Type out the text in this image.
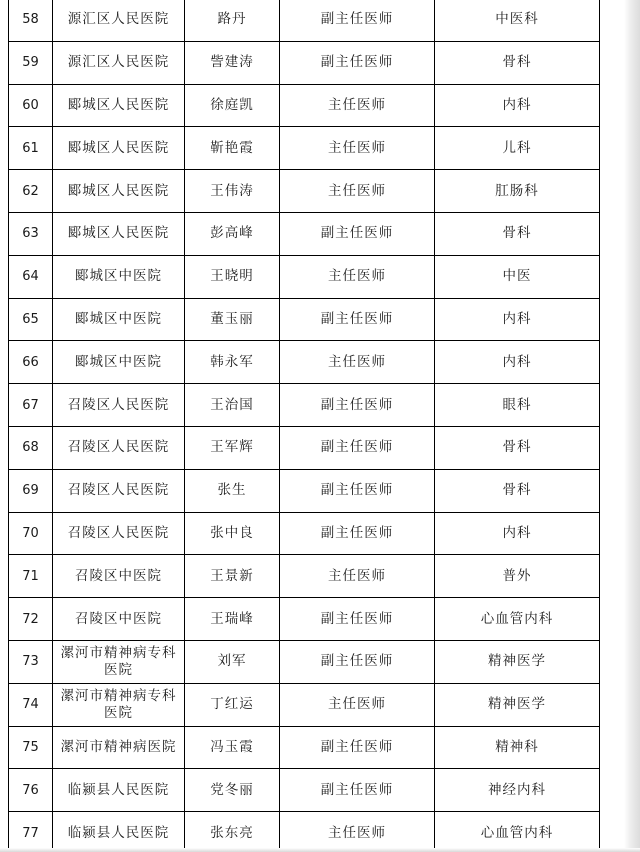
58	源汇区人民医院	路丹	副主任医师	中医科
59	源汇区人民医院	訾建涛	副主任医师	骨科
60	郾城区人民医院	徐庭凯	主任医师	内科
61	郾城区人民医院	靳艳霞	主任医师	儿科
62	郾城区人民医院	王伟涛	主任医师	肛肠科
63	郾城区人民医院	彭高峰	副主任医师	骨科
64	郾城区中医院	王晓明	主任医师	中医
65	郾城区中医院	董玉丽	副主任医师	内科
66	郾城区中医院	韩永军	主任医师	内科
67	召陵区人民医院	王治国	副主任医师	眼科
68	召陵区人民医院	王军辉	副主任医师	骨科
69	召陵区人民医院	张生	副主任医师	骨科
70	召陵区人民医院	张中良	副主任医师	内科
71	召陵区中医院	王景新	主任医师	普外
72	召陵区中医院	王瑞峰	副主任医师	心血管内科
73	漯河市精神病专科医院	刘军	副主任医师	精神医学
74	漯河市精神病专科医院	丁红运	主任医师	精神医学
75	漯河市精神病医院	冯玉霞	副主任医师	精神科
76	临颍县人民医院	党冬丽	副主任医师	神经内科
77	临颍县人民医院	张东亮	主任医师	心血管内科
